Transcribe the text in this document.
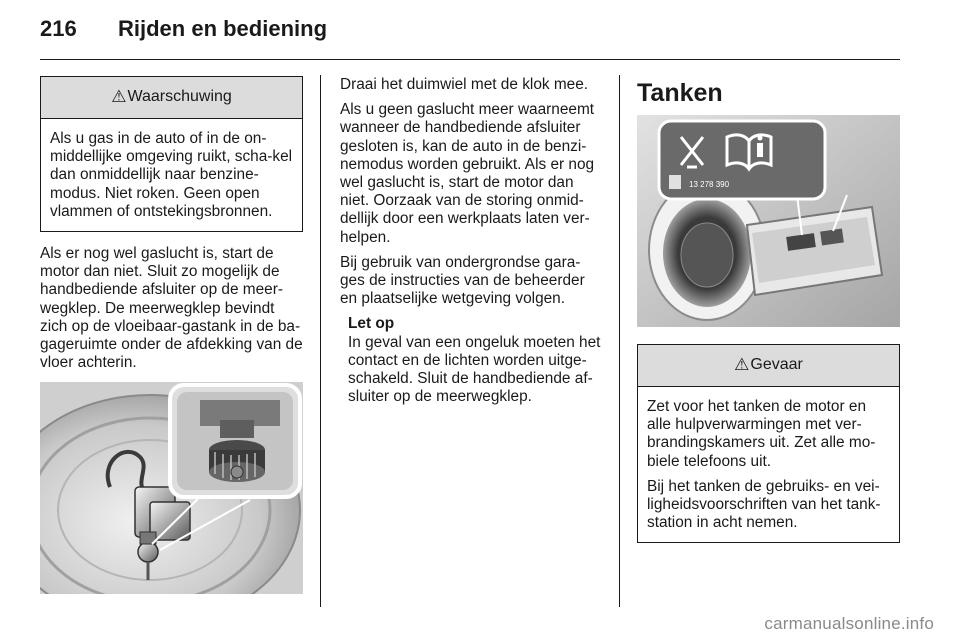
216 Rijden en bediening
⚠ Waarschuwing

Als u gas in de auto of in de on-middellijke omgeving ruikt, scha-kel dan onmiddellijk naar benzine-modus. Niet roken. Geen open vlammen of ontstekingsbronnen.

Als er nog wel gaslucht is, start de motor dan niet. Sluit zo mogelijk de handbediende afsluiter op de meer-wegklep. De meerwegklep bevindt zich op de vloeibaar-gastank in de ba-gageruimte onder de afdekking van de vloer achterin.

Draai het duimwiel met de klok mee.

Als u geen gaslucht meer waarneemt wanneer de handbediende afsluiter gesloten is, kan de auto in de benzi-nemodus worden gebruikt. Als er nog wel gaslucht is, start de motor dan niet. Oorzaak van de storing onmid-dellijk door een werkplaats laten ver-helpen.

Bij gebruik van ondergrondse gara-ges de instructies van de beheerder en plaatselijke wetgeving volgen.

Let op
In geval van een ongeluk moeten het contact en de lichten worden uitge-schakeld. Sluit de handbediende af-sluiter op de meerwegklep.
Tanken
13 278 390
⚠ Gevaar

Zet voor het tanken de motor en alle hulpverwarmingen met ver-brandingskamers uit. Zet alle mo-biele telefoons uit.

Bij het tanken de gebruiks- en vei-ligheidsvoorschriften van het tank-station in acht nemen.

carmanualsonline.info
